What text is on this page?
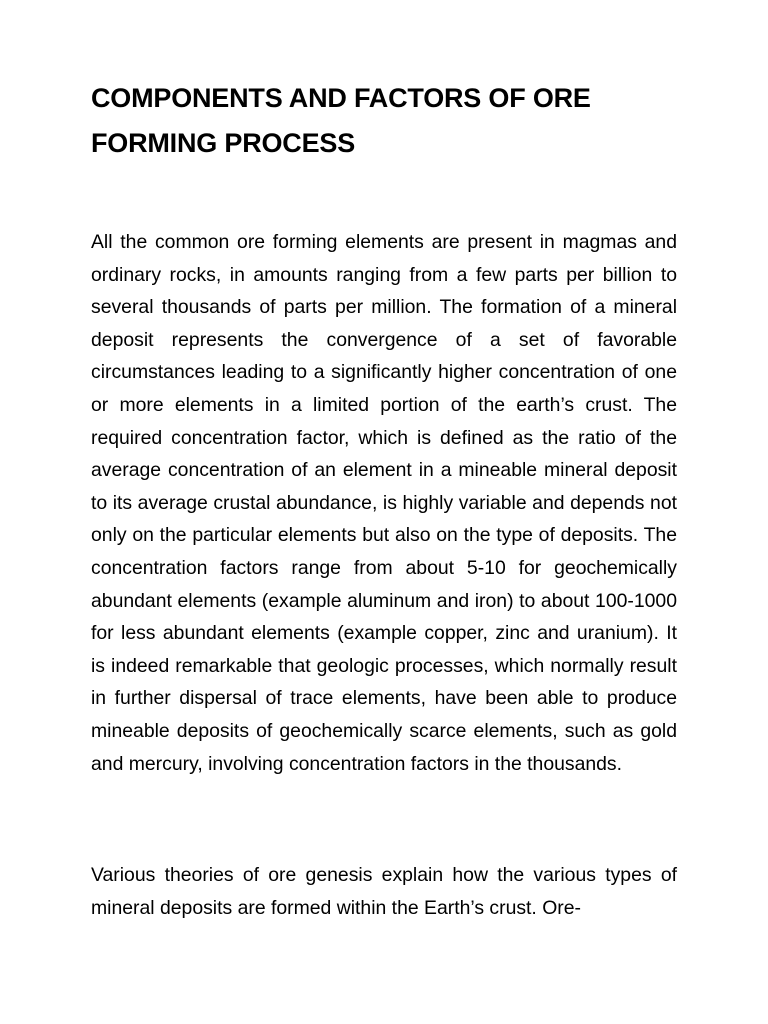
COMPONENTS AND FACTORS OF ORE FORMING PROCESS

All the common ore forming elements are present in magmas and ordinary rocks, in amounts ranging from a few parts per billion to several thousands of parts per million. The formation of a mineral deposit represents the convergence of a set of favorable circumstances leading to a significantly higher concentration of one or more elements in a limited portion of the earth’s crust. The required concentration factor, which is defined as the ratio of the average concentration of an element in a mineable mineral deposit to its average crustal abundance, is highly variable and depends not only on the particular elements but also on the type of deposits. The concentration factors range from about 5-10 for geochemically abundant elements (example aluminum and iron) to about 100-1000 for less abundant elements (example copper, zinc and uranium). It is indeed remarkable that geologic processes, which normally result in further dispersal of trace elements, have been able to produce mineable deposits of geochemically scarce elements, such as gold and mercury, involving concentration factors in the thousands.

Various theories of ore genesis explain how the various types of mineral deposits are formed within the Earth’s crust. Ore-
